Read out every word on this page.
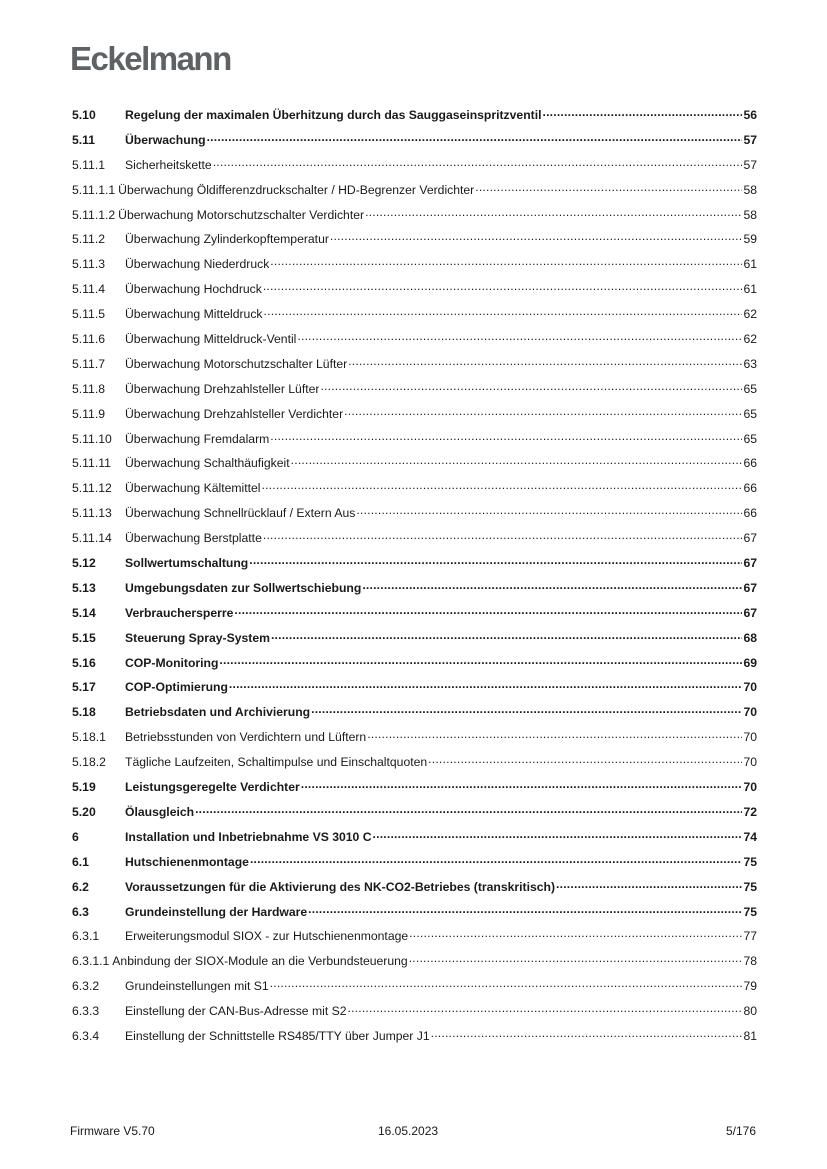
Eckelmann
5.10	Regelung der maximalen Überhitzung durch das Sauggaseinspritzventil .....	56
5.11	Überwachung .....	57
5.11.1	Sicherheitskette .....	57
5.11.1.1 Überwachung Öldifferenzdruckschalter / HD-Begrenzer Verdichter .....	58
5.11.1.2 Überwachung Motorschutzschalter Verdichter .....	58
5.11.2	Überwachung Zylinderkopftemperatur .....	59
5.11.3	Überwachung Niederdruck .....	61
5.11.4	Überwachung Hochdruck .....	61
5.11.5	Überwachung Mitteldruck .....	62
5.11.6	Überwachung Mitteldruck-Ventil .....	62
5.11.7	Überwachung Motorschutzschalter Lüfter .....	63
5.11.8	Überwachung Drehzahlsteller Lüfter .....	65
5.11.9	Überwachung Drehzahlsteller Verdichter .....	65
5.11.10	Überwachung Fremdalarm .....	65
5.11.11	Überwachung Schalthäufigkeit .....	66
5.11.12	Überwachung Kältemittel .....	66
5.11.13	Überwachung Schnellrücklauf / Extern Aus .....	66
5.11.14	Überwachung Berstplatte .....	67
5.12	Sollwertumschaltung .....	67
5.13	Umgebungsdaten zur Sollwertschiebung .....	67
5.14	Verbrauchersperre .....	67
5.15	Steuerung Spray-System .....	68
5.16	COP-Monitoring .....	69
5.17	COP-Optimierung .....	70
5.18	Betriebsdaten und Archivierung .....	70
5.18.1	Betriebsstunden von Verdichtern und Lüftern .....	70
5.18.2	Tägliche Laufzeiten, Schaltimpulse und Einschaltquoten .....	70
5.19	Leistungsgeregelte Verdichter .....	70
5.20	Ölausgleich .....	72
6	Installation und Inbetriebnahme VS 3010 C .....	74
6.1	Hutschienenmontage .....	75
6.2	Voraussetzungen für die Aktivierung des NK-CO2-Betriebes (transkritisch) .....	75
6.3	Grundeinstellung der Hardware .....	75
6.3.1	Erweiterungsmodul SIOX - zur Hutschienenmontage .....	77
6.3.1.1 Anbindung der SIOX-Module an die Verbundsteuerung .....	78
6.3.2	Grundeinstellungen mit S1 .....	79
6.3.3	Einstellung der CAN-Bus-Adresse mit S2 .....	80
6.3.4	Einstellung der Schnittstelle RS485/TTY über Jumper J1 .....	81
Firmware V5.70	16.05.2023	5/176
